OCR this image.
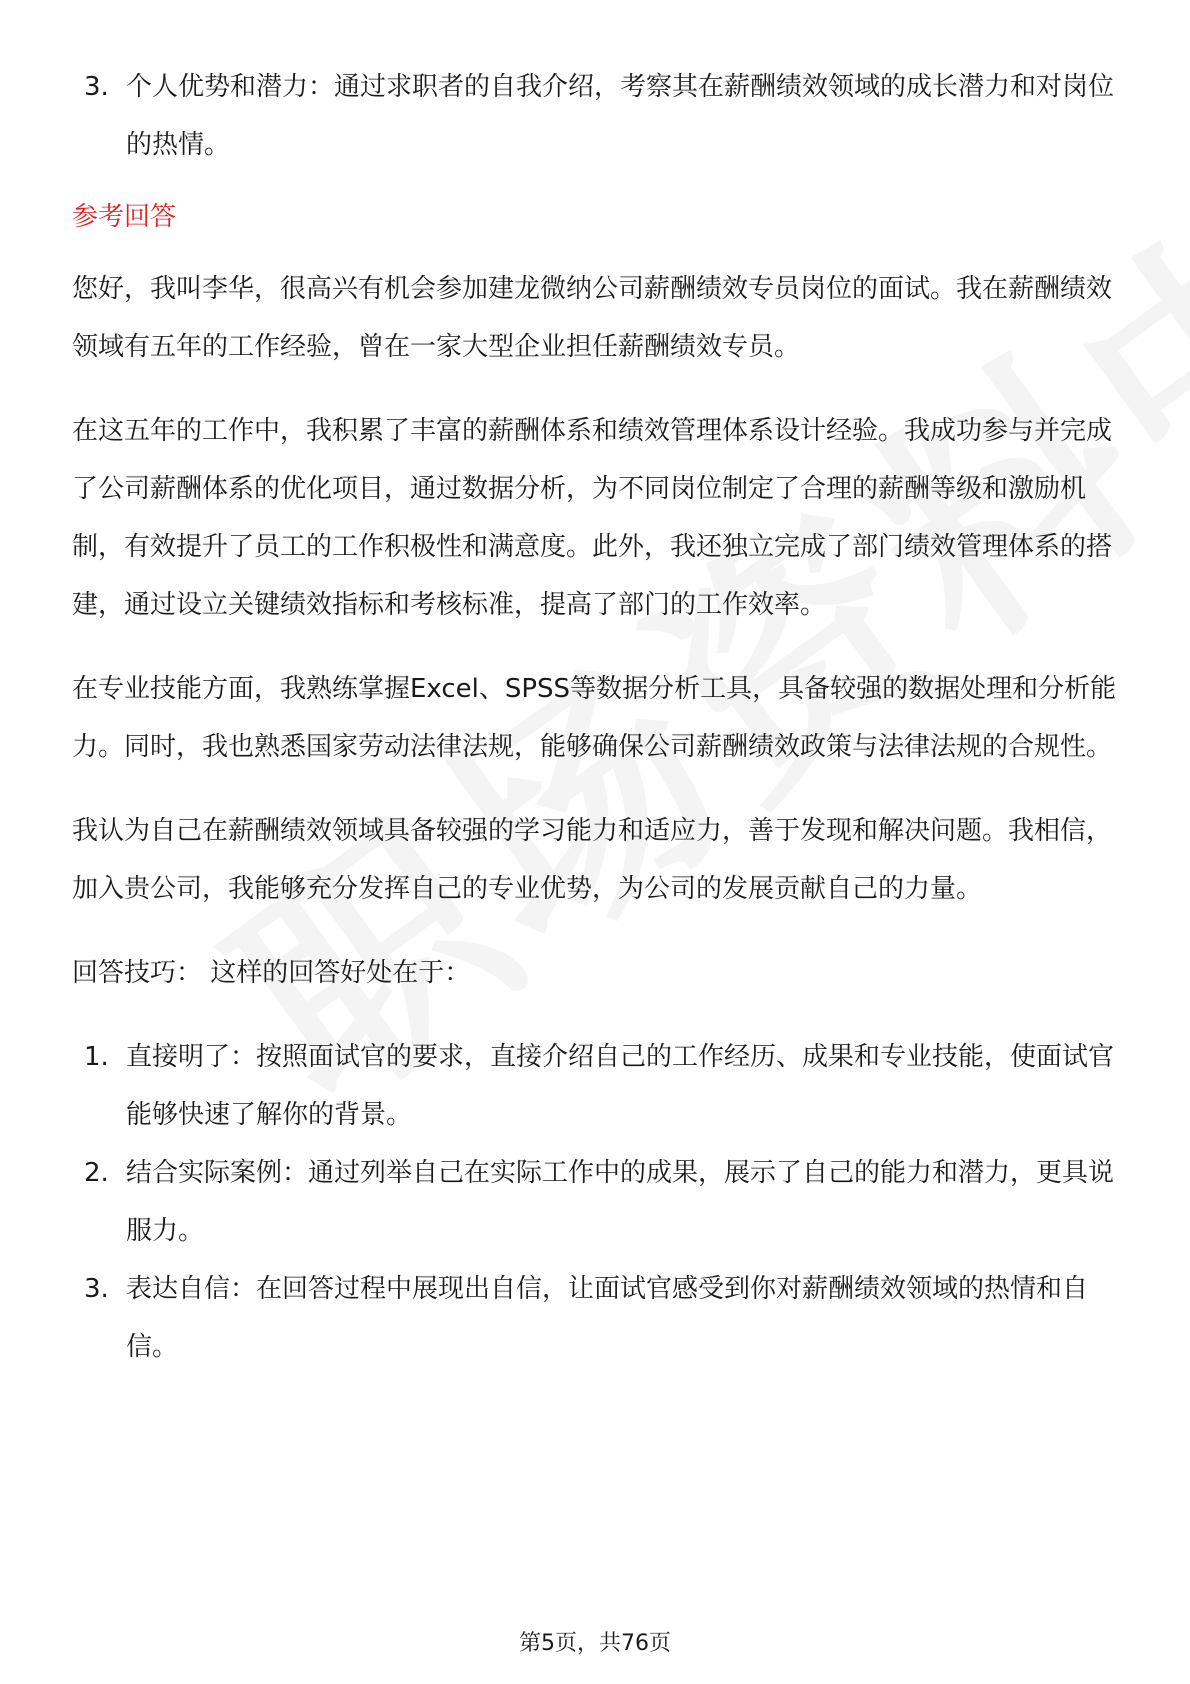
3. 个人优势和潜力：通过求职者的自我介绍，考察其在薪酬绩效领域的成长潜力和对岗位的热情。
参考回答
您好，我叫李华，很高兴有机会参加建龙微纳公司薪酬绩效专员岗位的面试。我在薪酬绩效领域有五年的工作经验，曾在一家大型企业担任薪酬绩效专员。
在这五年的工作中，我积累了丰富的薪酬体系和绩效管理体系设计经验。我成功参与并完成了公司薪酬体系的优化项目，通过数据分析，为不同岗位制定了合理的薪酬等级和激励机制，有效提升了员工的工作积极性和满意度。此外，我还独立完成了部门绩效管理体系的搭建，通过设立关键绩效指标和考核标准，提高了部门的工作效率。
在专业技能方面，我熟练掌握Excel、SPSS等数据分析工具，具备较强的数据处理和分析能力。同时，我也熟悉国家劳动法律法规，能够确保公司薪酬绩效政策与法律法规的合规性。
我认为自己在薪酬绩效领域具备较强的学习能力和适应力，善于发现和解决问题。我相信，加入贵公司，我能够充分发挥自己的专业优势，为公司的发展贡献自己的力量。
回答技巧： 这样的回答好处在于：
1. 直接明了：按照面试官的要求，直接介绍自己的工作经历、成果和专业技能，使面试官能够快速了解你的背景。
2. 结合实际案例：通过列举自己在实际工作中的成果，展示了自己的能力和潜力，更具说服力。
3. 表达自信：在回答过程中展现出自信，让面试官感受到你对薪酬绩效领域的热情和自信。
第5页，共76页
